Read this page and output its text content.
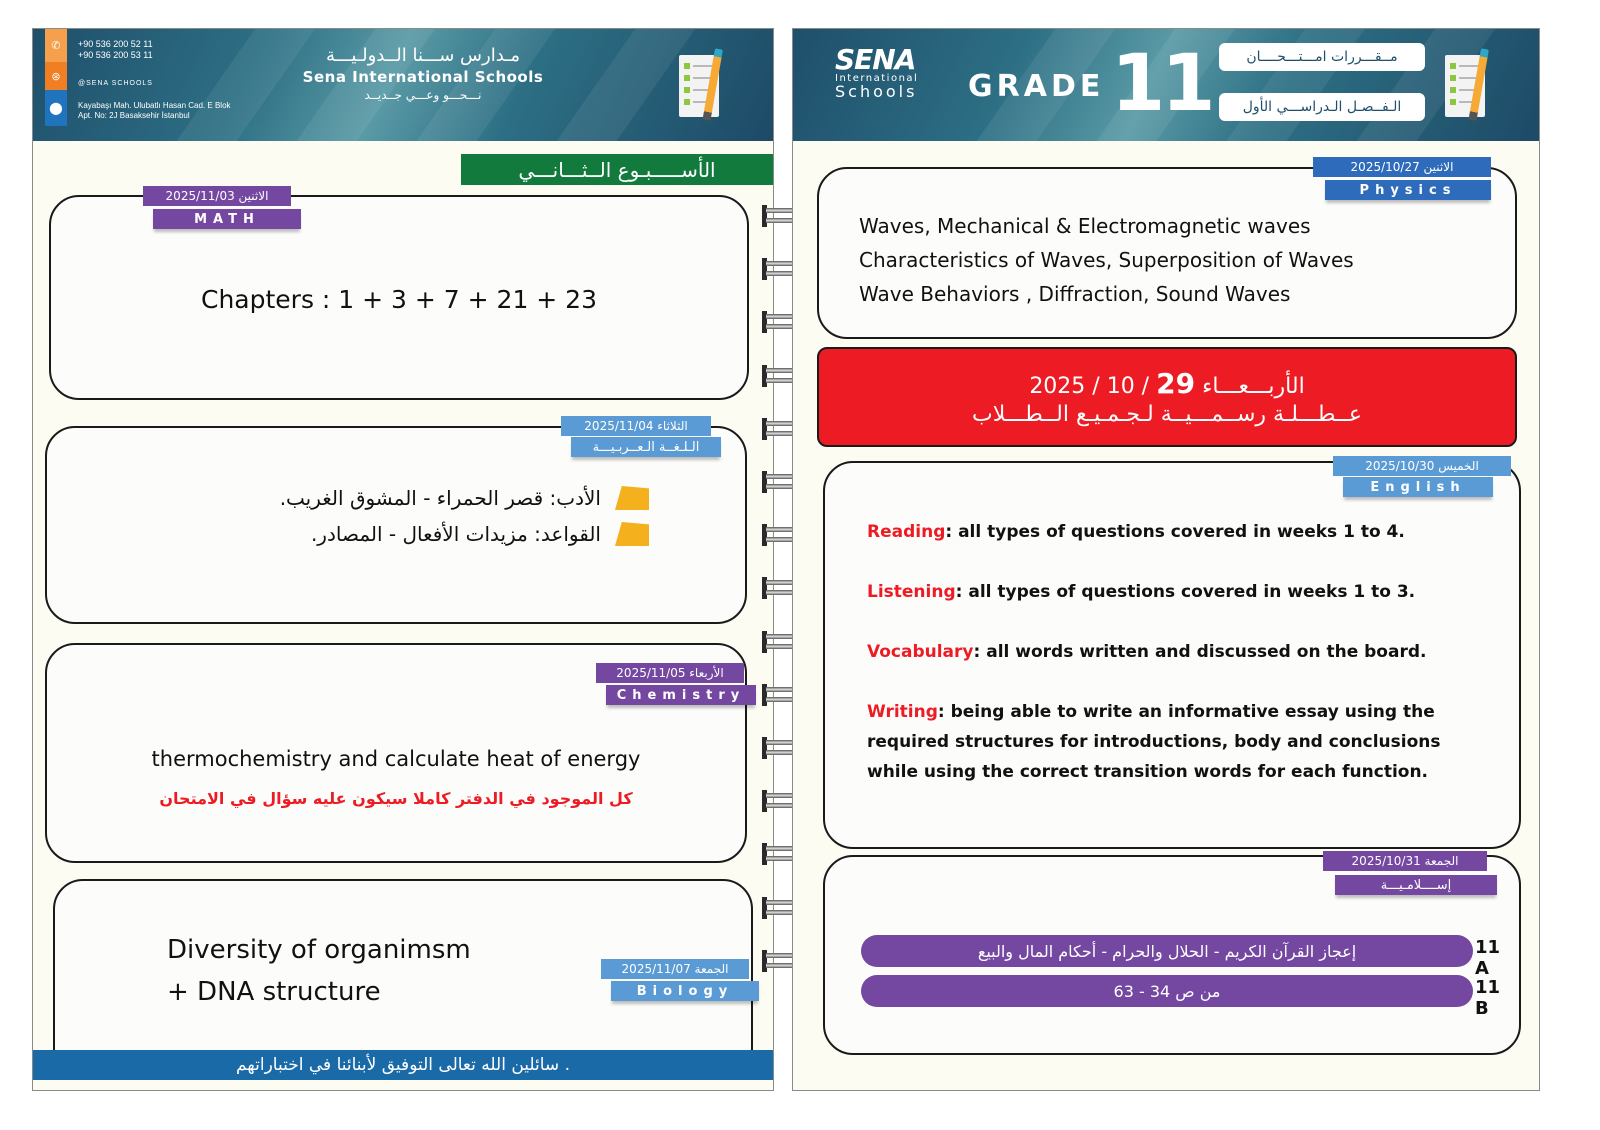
✆
⊛
⬤
+90 536 200 52 11
+90 536 200 53 11
@SENA SCHOOLS
Kayabaşı Mah. Ulubatlı Hasan Cad. E Blok
Apt. No: 2J Basaksehir İstanbul
مـدارس ســـنا الــدولـيـــة
Sena International Schools
نـــحـــو وعـــي جــديــد
الأســـــبـوع الــثـــانـــي
Chapters : 1 + 3 + 7 + 21 + 23
الاثنين 2025/11/03
MATH
الأدب: قصر الحمراء - المشوق الغريب.
القواعد: مزيدات الأفعال - المصادر.
الثلاثاء 2025/11/04
الـلـغــة الـعــربـيـــة
thermochemistry and calculate heat of energy
كل الموجود في الدفتر كاملا سيكون عليه سؤال في الامتحان
الأربعاء 2025/11/05
Chemistry
Diversity of organimsm
+ DNA structure
الجمعة 2025/11/07
Biology
سائلين الله تعالى التوفيق لأبنائنا في اختباراتهم .
SENA
International
Schools GRADE 11	مــقـــررات امـــتـــحــــان
الـفــصـل الـدراســـي الأول
Waves, Mechanical & Electromagnetic waves
Characteristics of Waves, Superposition of Waves
Wave Behaviors , Diffraction, Sound Waves
الاثنين 2025/10/27
Physics
2025 / 10 / 29 الأربـــعـــاء
عــطـــلـة رســمـــيــة لـجـمـيـع الــطـــلاب
Reading: all types of questions covered in weeks 1 to 4.
Listening: all types of questions covered in weeks 1 to 3.
Vocabulary: all words written and discussed on the board.
Writing: being able to write an informative essay using the required structures for introductions, body and conclusions while using the correct transition words for each function.
الخميس 2025/10/30
English
إعجاز القرآن الكريم - الحلال والحرام - أحكام المال والبيع	11 A
من ص 34 - 63	11 B
الجمعة 2025/10/31
إســــلامـيـــة
